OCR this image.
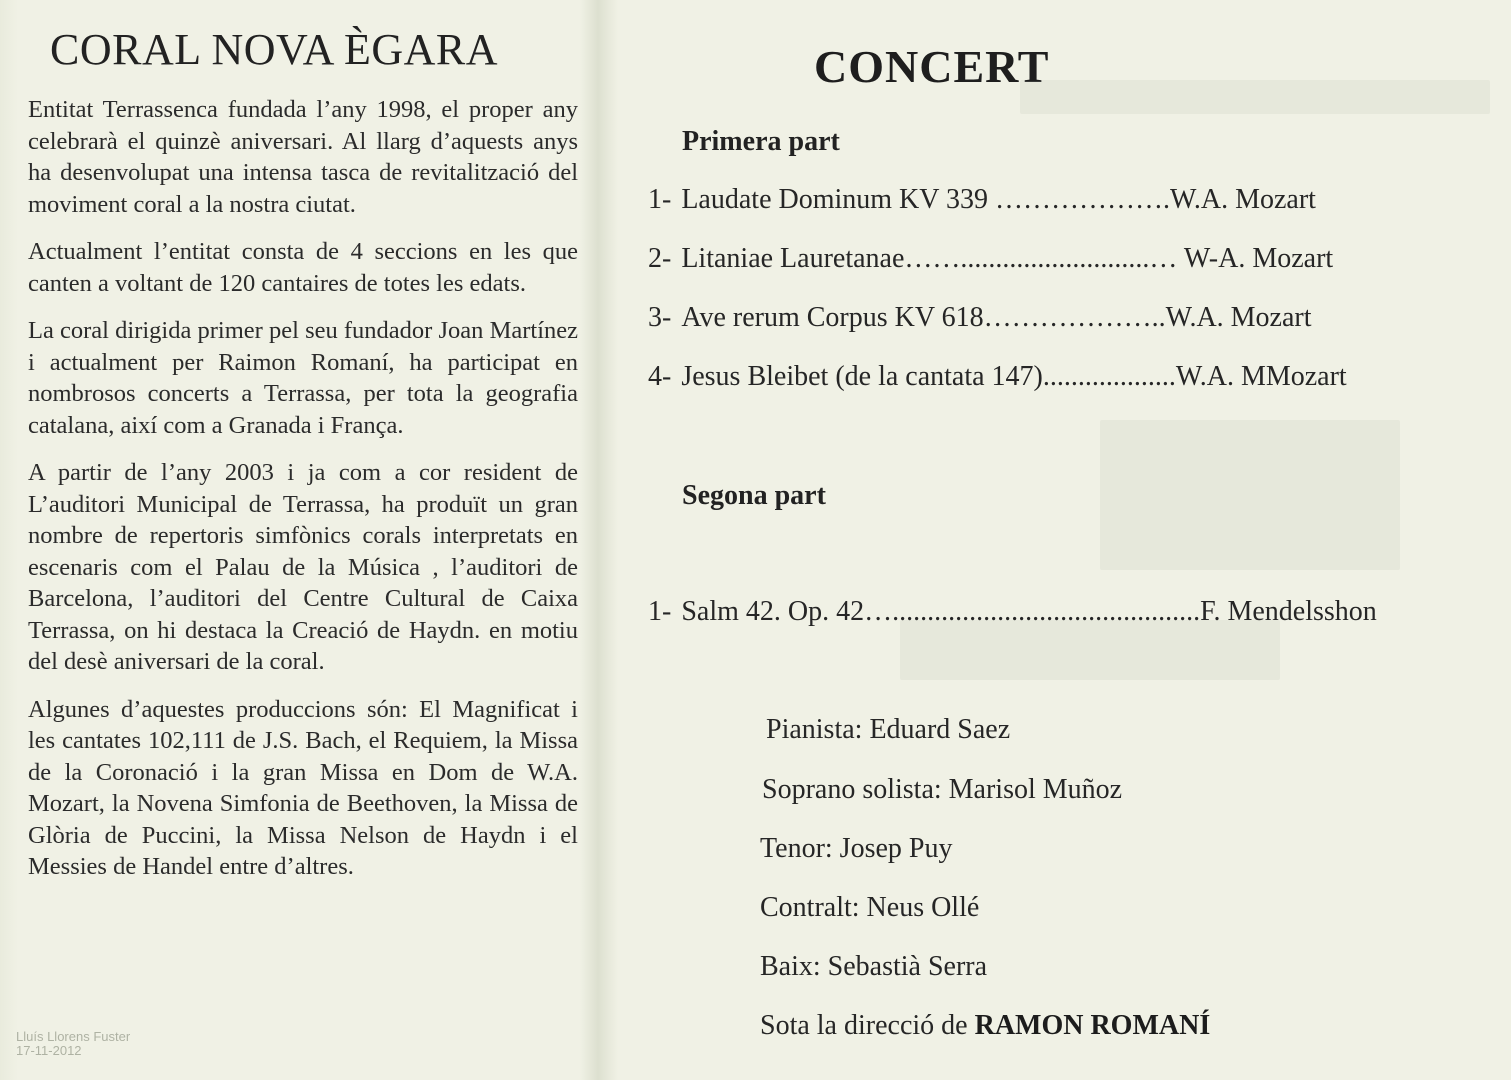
CORAL NOVA ÈGARA

Entitat Terrassenca fundada l’any 1998, el proper any celebrarà el quinzè aniversari. Al llarg d’aquests anys ha desenvolupat una intensa tasca de revitalització del moviment coral a la nostra ciutat.

Actualment l’entitat consta de 4 seccions en les que canten a voltant de 120 cantaires de totes les edats.

La coral dirigida primer pel seu fundador Joan Martínez i actualment per Raimon Romaní, ha participat en nombrosos concerts a Terrassa, per tota la geografia catalana, així com a Granada i França.

A partir de l’any 2003 i ja com a cor resident de L’auditori Municipal de Terrassa, ha produït un gran nombre de repertoris simfònics corals interpretats en escenaris com el Palau de la Música , l’auditori de Barcelona, l’auditori del Centre Cultural de Caixa Terrassa, on hi destaca la Creació de Haydn. en motiu del desè aniversari de la coral.

Algunes d’aquestes produccions són: El Magnificat i les cantates 102,111 de J.S. Bach, el Requiem, la Missa de la Coronació i la gran Missa en Dom de W.A. Mozart, la Novena Simfonia de Beethoven, la Missa de Glòria de Puccini, la Missa Nelson de Haydn i el Messies de Handel entre d’altres.

CONCERT
Primera part
1- Laudate Dominum KV 339 ……………….W.A. Mozart
2- Litaniae Lauretanae……...........................… W-A. Mozart
3- Ave rerum Corpus KV 618………………..W.A. Mozart
4- Jesus Bleibet (de la cantata 147)...................W.A. MMozart
Segona part
1- Salm 42. Op. 42…............................................F. Mendelsshon
Pianista: Eduard Saez
Soprano solista: Marisol Muñoz
Tenor: Josep Puy
Contralt: Neus Ollé
Baix: Sebastià Serra
Sota la direcció de RAMON ROMANÍ
Lluís Llorens Fuster
17-11-2012
